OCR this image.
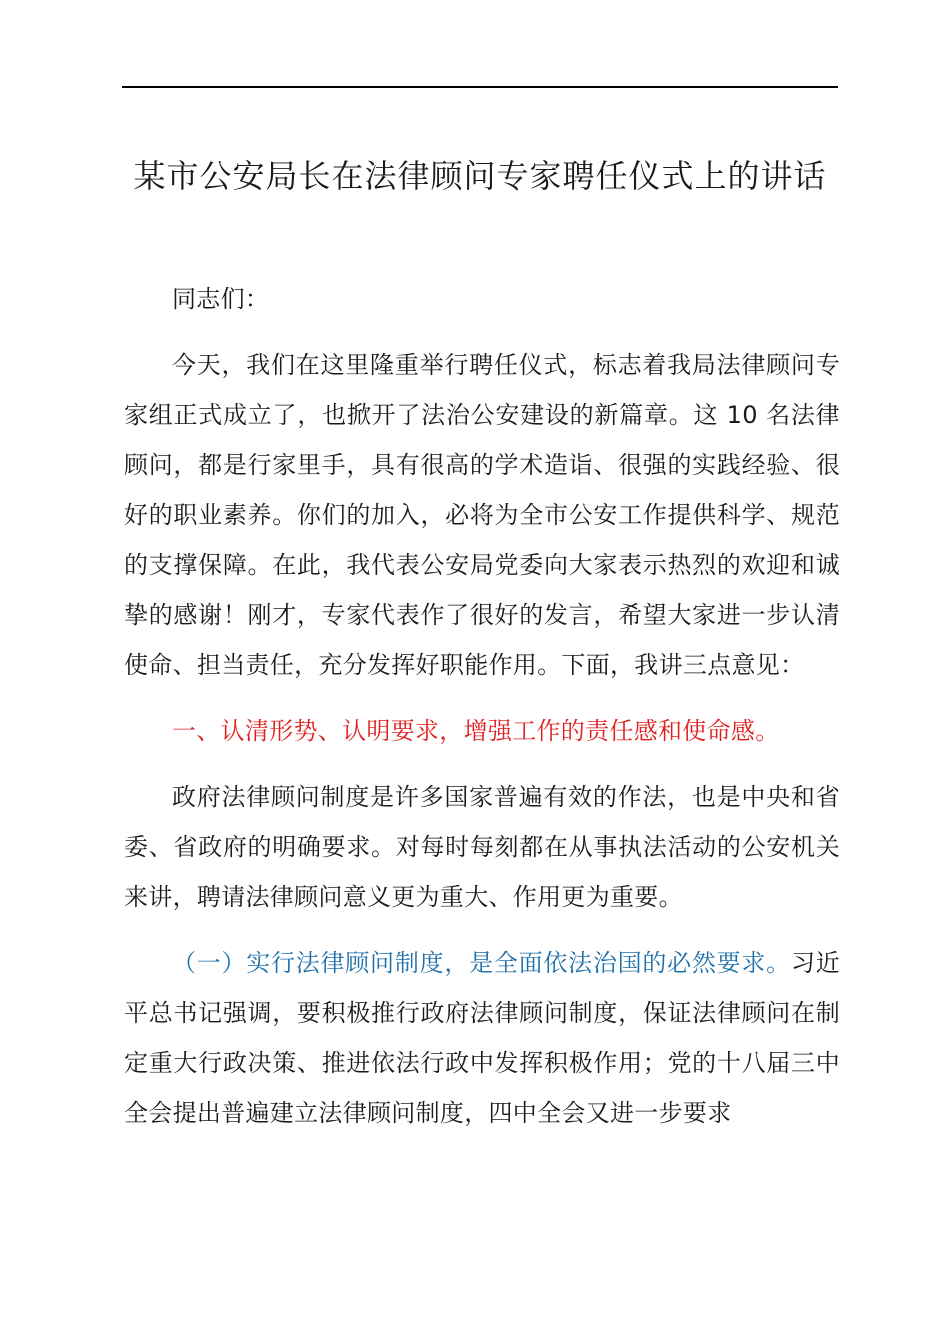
某市公安局长在法律顾问专家聘任仪式上的讲话

同志们：

今天，我们在这里隆重举行聘任仪式，标志着我局法律顾问专家组正式成立了，也掀开了法治公安建设的新篇章。这 10 名法律顾问，都是行家里手，具有很高的学术造诣、很强的实践经验、很好的职业素养。你们的加入，必将为全市公安工作提供科学、规范的支撑保障。在此，我代表公安局党委向大家表示热烈的欢迎和诚挚的感谢！刚才，专家代表作了很好的发言，希望大家进一步认清使命、担当责任，充分发挥好职能作用。下面，我讲三点意见：

一、认清形势、认明要求，增强工作的责任感和使命感。

政府法律顾问制度是许多国家普遍有效的作法，也是中央和省委、省政府的明确要求。对每时每刻都在从事执法活动的公安机关来讲，聘请法律顾问意义更为重大、作用更为重要。

（一）实行法律顾问制度，是全面依法治国的必然要求。习近平总书记强调，要积极推行政府法律顾问制度，保证法律顾问在制定重大行政决策、推进依法行政中发挥积极作用；党的十八届三中全会提出普遍建立法律顾问制度，四中全会又进一步要求
